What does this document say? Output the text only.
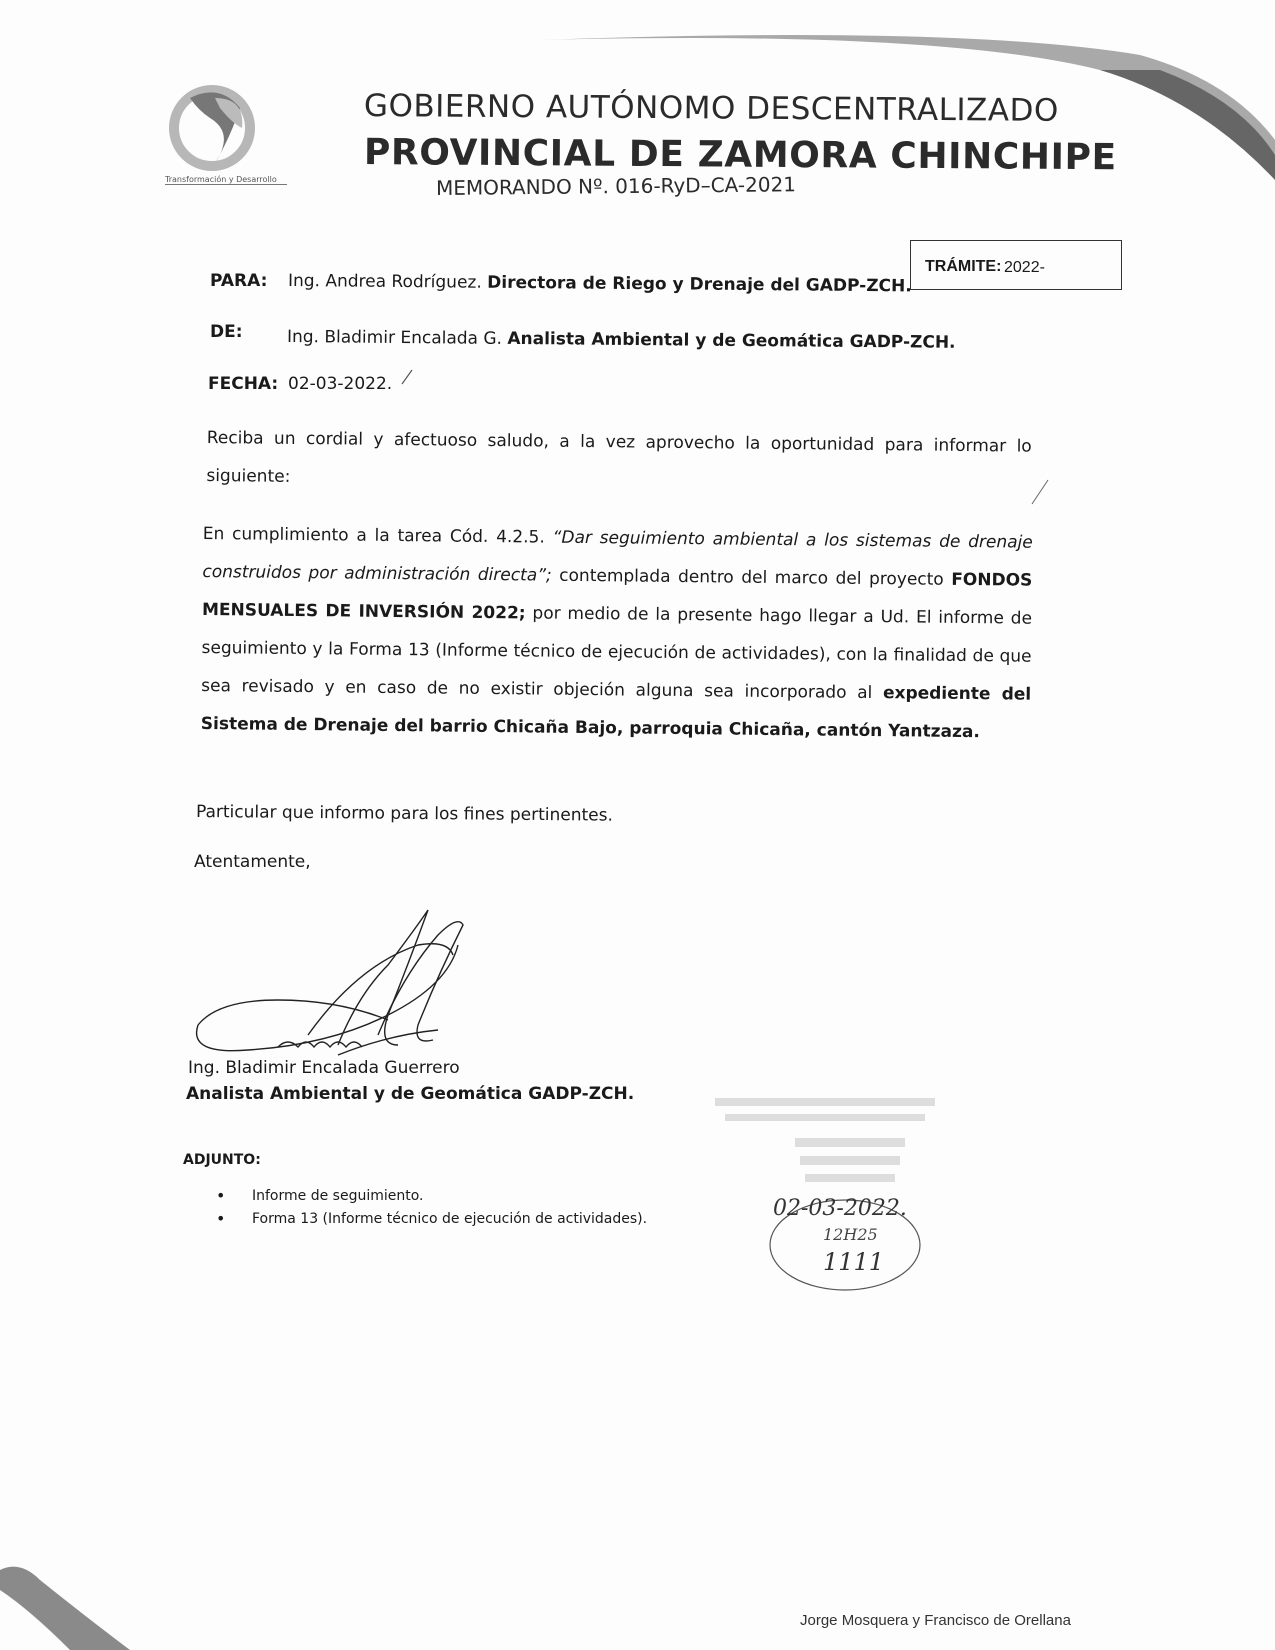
Transformación y Desarrollo
GOBIERNO AUTÓNOMO DESCENTRALIZADO
PROVINCIAL DE ZAMORA CHINCHIPE
MEMORANDO Nº. 016-RyD–CA-2021
TRÁMITE: 2022-
PARA: Ing. Andrea Rodríguez. Directora de Riego y Drenaje del GADP-ZCH.
DE:	Ing. Bladimir Encalada G. Analista Ambiental y de Geomática GADP-ZCH.
FECHA: 02-03-2022.
Reciba un cordial y afectuoso saludo, a la vez aprovecho la oportunidad para informar lo siguiente:
En cumplimiento a la tarea Cód. 4.2.5. “Dar seguimiento ambiental a los sistemas de drenaje construidos por administración directa”; contemplada dentro del marco del proyecto FONDOS MENSUALES DE INVERSIÓN 2022; por medio de la presente hago llegar a Ud. El informe de seguimiento y la Forma 13 (Informe técnico de ejecución de actividades), con la finalidad de que sea revisado y en caso de no existir objeción alguna sea incorporado al expediente del Sistema de Drenaje del barrio Chicaña Bajo, parroquia Chicaña, cantón Yantzaza.
Particular que informo para los fines pertinentes.
Atentamente,
Ing. Bladimir Encalada Guerrero
Analista Ambiental y de Geomática GADP-ZCH.
ADJUNTO:
• Informe de seguimiento.
• Forma 13 (Informe técnico de ejecución de actividades).	02-03-2022.
12H25
1111
Jorge Mosquera y Francisco de Orellana
